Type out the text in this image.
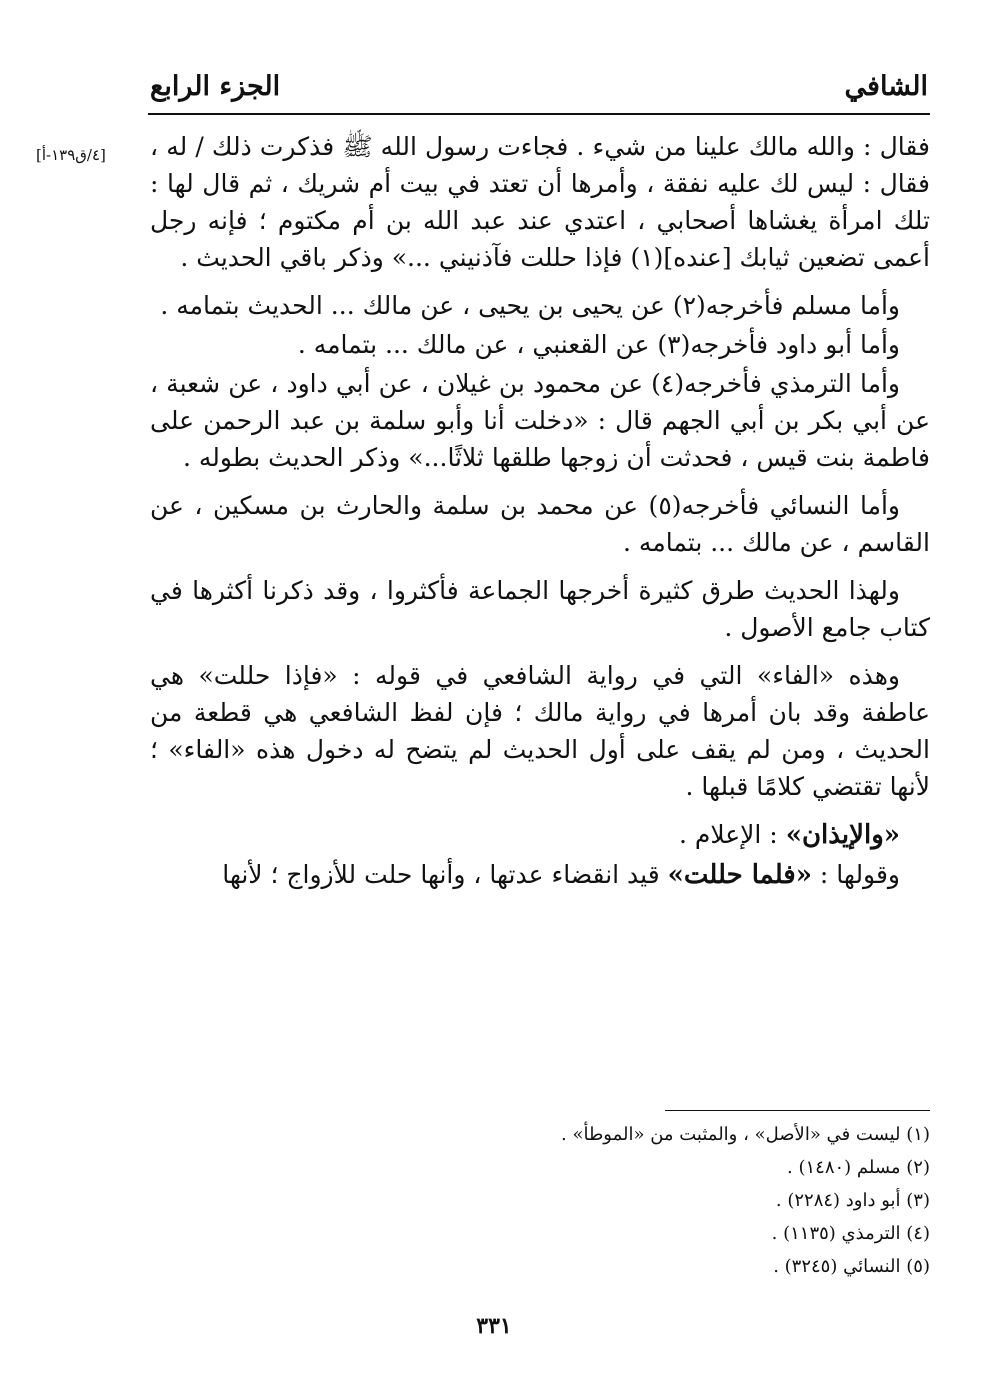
الشافي
الجزء الرابع
[٤/ق١٣٩-أ]	فقال : والله مالك علينا من شيء . فجاءت رسول الله ﷺ فذكرت ذلك / له ، فقال : ليس لك عليه نفقة ، وأمرها أن تعتد في بيت أم شريك ، ثم قال لها : تلك امرأة يغشاها أصحابي ، اعتدي عند عبد الله بن أم مكتوم ؛ فإنه رجل أعمى تضعين ثيابك [عنده](١) فإذا حللت فآذنيني ...» وذكر باقي الحديث .

وأما مسلم فأخرجه(٢) عن يحيى بن يحيى ، عن مالك ... الحديث بتمامه .

وأما أبو داود فأخرجه(٣) عن القعنبي ، عن مالك ... بتمامه .

وأما الترمذي فأخرجه(٤) عن محمود بن غيلان ، عن أبي داود ، عن شعبة ، عن أبي بكر بن أبي الجهم قال : «دخلت أنا وأبو سلمة بن عبد الرحمن على فاطمة بنت قيس ، فحدثت أن زوجها طلقها ثلاثًا...» وذكر الحديث بطوله .

وأما النسائي فأخرجه(٥) عن محمد بن سلمة والحارث بن مسكين ، عن القاسم ، عن مالك ... بتمامه .

ولهذا الحديث طرق كثيرة أخرجها الجماعة فأكثروا ، وقد ذكرنا أكثرها في كتاب جامع الأصول .

وهذه «الفاء» التي في رواية الشافعي في قوله : «فإذا حللت» هي عاطفة وقد بان أمرها في رواية مالك ؛ فإن لفظ الشافعي هي قطعة من الحديث ، ومن لم يقف على أول الحديث لم يتضح له دخول هذه «الفاء» ؛ لأنها تقتضي كلامًا قبلها .

«والإيذان» : الإعلام .

وقولها : «فلما حللت» قيد انقضاء عدتها ، وأنها حلت للأزواج ؛ لأنها

(١) ليست في «الأصل» ، والمثبت من «الموطأ» .

(٢) مسلم (١٤٨٠) .

(٣) أبو داود (٢٢٨٤) .

(٤) الترمذي (١١٣٥) .

(٥) النسائي (٣٢٤٥) .

٣٣١
